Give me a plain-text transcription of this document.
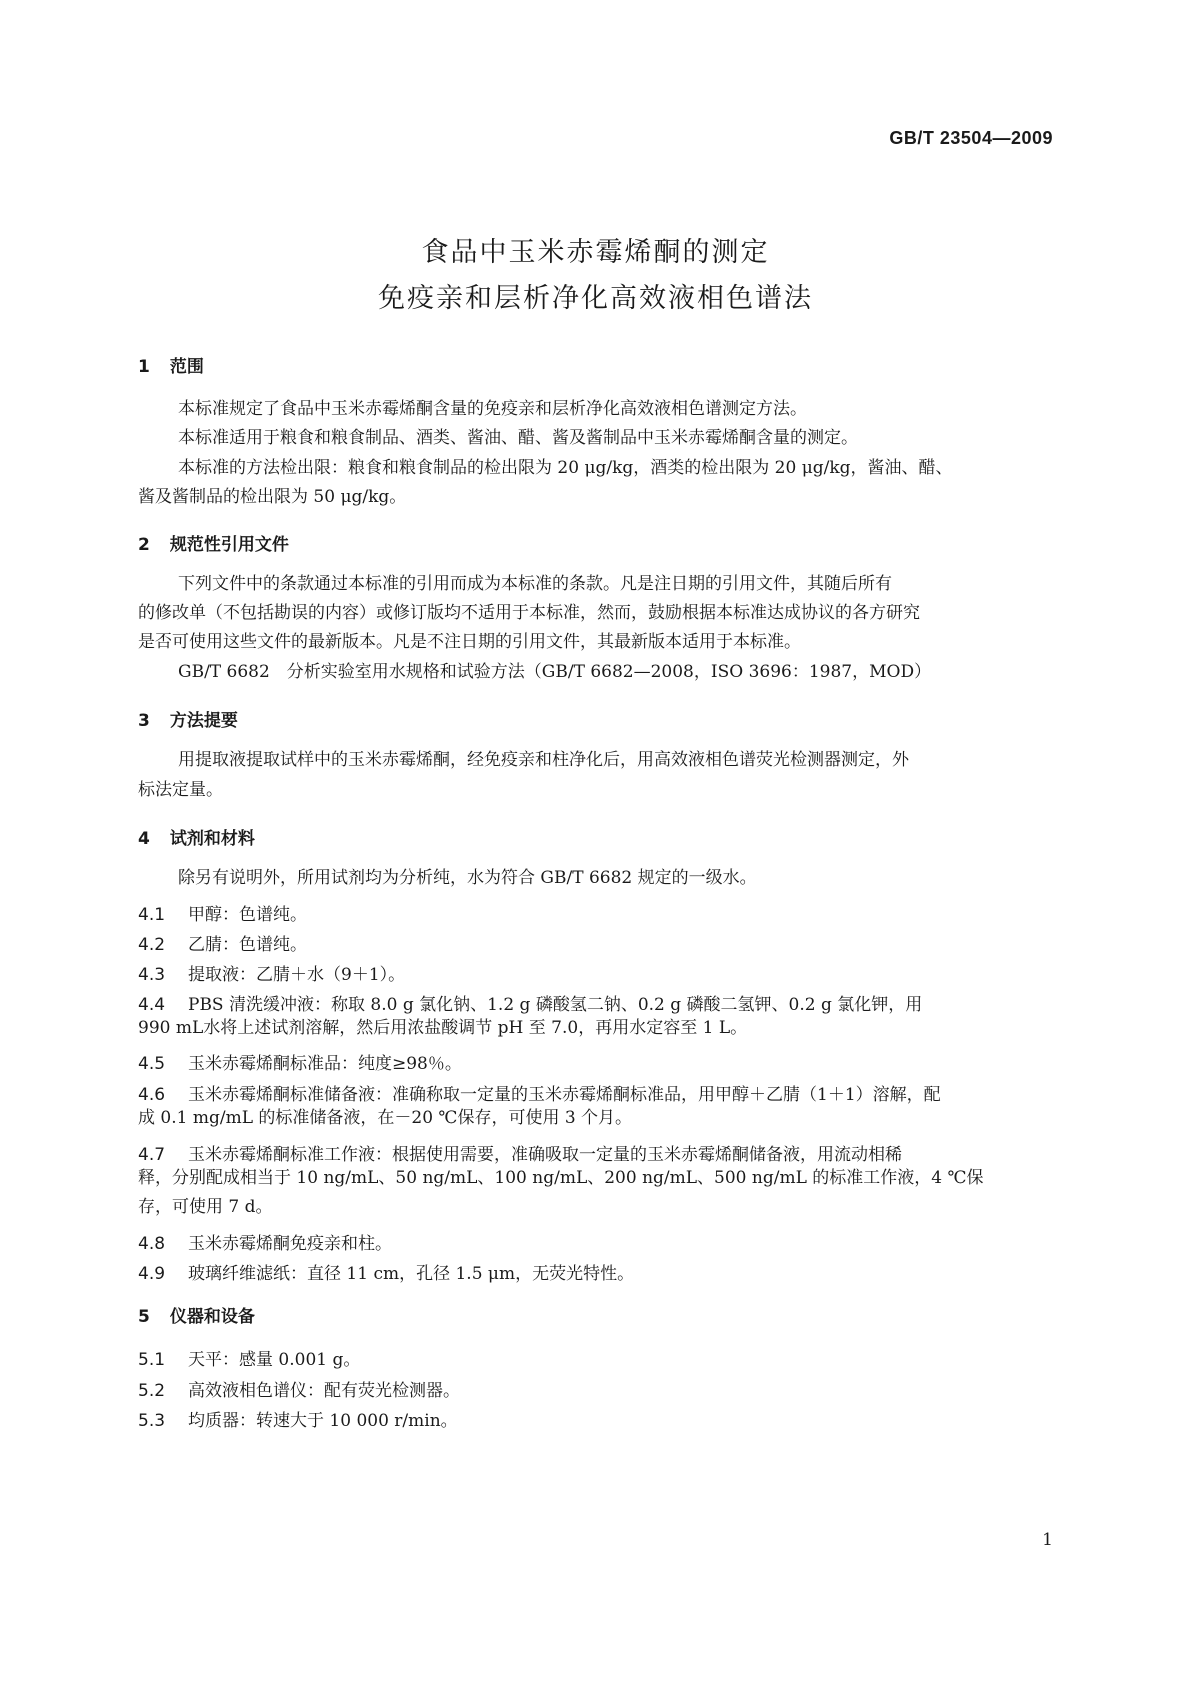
GB/T 23504—2009
食品中玉米赤霉烯酮的测定
免疫亲和层析净化高效液相色谱法
1 范围
本标准规定了食品中玉米赤霉烯酮含量的免疫亲和层析净化高效液相色谱测定方法。
本标准适用于粮食和粮食制品、酒类、酱油、醋、酱及酱制品中玉米赤霉烯酮含量的测定。
本标准的方法检出限：粮食和粮食制品的检出限为 20 μg/kg，酒类的检出限为 20 μg/kg，酱油、醋、
酱及酱制品的检出限为 50 μg/kg。
2 规范性引用文件
下列文件中的条款通过本标准的引用而成为本标准的条款。凡是注日期的引用文件，其随后所有
的修改单（不包括勘误的内容）或修订版均不适用于本标准，然而，鼓励根据本标准达成协议的各方研究
是否可使用这些文件的最新版本。凡是不注日期的引用文件，其最新版本适用于本标准。
GB/T 6682　分析实验室用水规格和试验方法（GB/T 6682—2008，ISO 3696：1987，MOD）
3 方法提要
用提取液提取试样中的玉米赤霉烯酮，经免疫亲和柱净化后，用高效液相色谱荧光检测器测定，外
标法定量。
4 试剂和材料
除另有说明外，所用试剂均为分析纯，水为符合 GB/T 6682 规定的一级水。
4.1 甲醇：色谱纯。
4.2 乙腈：色谱纯。
4.3 提取液：乙腈＋水（9＋1）。
4.4 PBS 清洗缓冲液：称取 8.0 g 氯化钠、1.2 g 磷酸氢二钠、0.2 g 磷酸二氢钾、0.2 g 氯化钾，用
990 mL水将上述试剂溶解，然后用浓盐酸调节 pH 至 7.0，再用水定容至 1 L。
4.5 玉米赤霉烯酮标准品：纯度≥98％。
4.6 玉米赤霉烯酮标准储备液：准确称取一定量的玉米赤霉烯酮标准品，用甲醇＋乙腈（1＋1）溶解，配
成 0.1 mg/mL 的标准储备液，在－20 ℃保存，可使用 3 个月。
4.7 玉米赤霉烯酮标准工作液：根据使用需要，准确吸取一定量的玉米赤霉烯酮储备液，用流动相稀
释，分别配成相当于 10 ng/mL、50 ng/mL、100 ng/mL、200 ng/mL、500 ng/mL 的标准工作液，4 ℃保
存，可使用 7 d。
4.8 玉米赤霉烯酮免疫亲和柱。
4.9 玻璃纤维滤纸：直径 11 cm，孔径 1.5 μm，无荧光特性。
5 仪器和设备
5.1 天平：感量 0.001 g。
5.2 高效液相色谱仪：配有荧光检测器。
5.3 均质器：转速大于 10 000 r/min。
1
